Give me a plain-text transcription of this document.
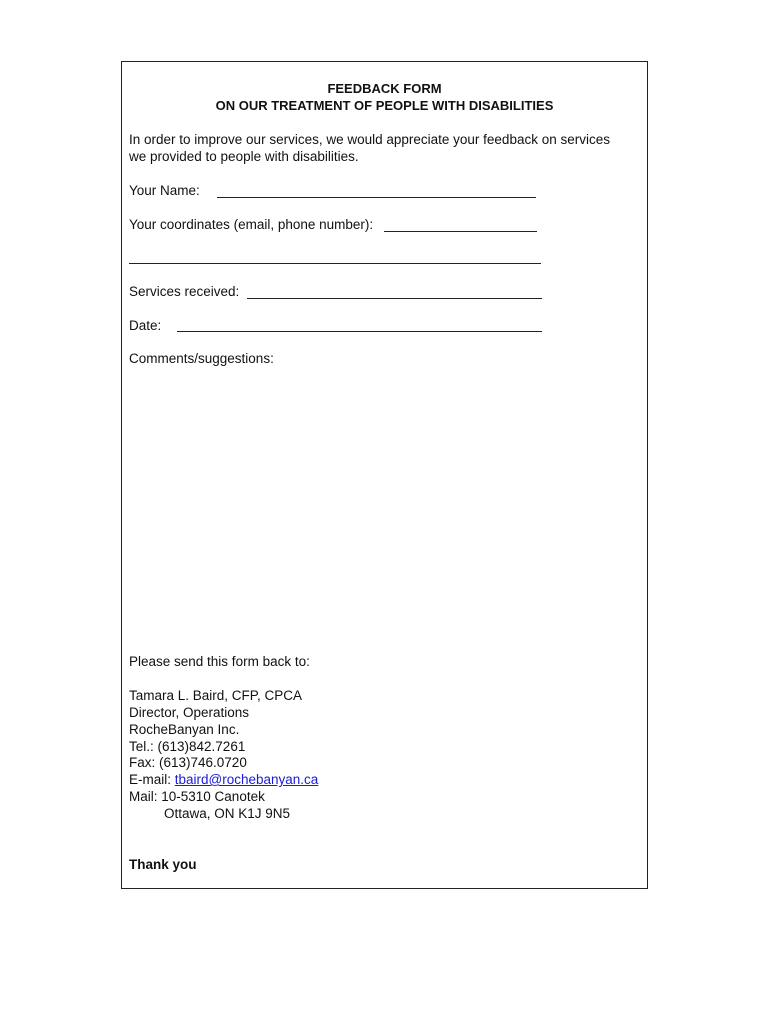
FEEDBACK FORM
ON OUR TREATMENT OF PEOPLE WITH DISABILITIES
In order to improve our services, we would appreciate your feedback on services
we provided to people with disabilities.
Your Name:
Your coordinates (email, phone number):
Services received:
Date:
Comments/suggestions:
Please send this form back to:
Tamara L. Baird, CFP, CPCA
Director, Operations
RocheBanyan Inc.
Tel.: (613)842.7261
Fax: (613)746.0720
E-mail: tbaird@rochebanyan.ca
Mail: 10-5310 Canotek
Ottawa, ON K1J 9N5
Thank you
